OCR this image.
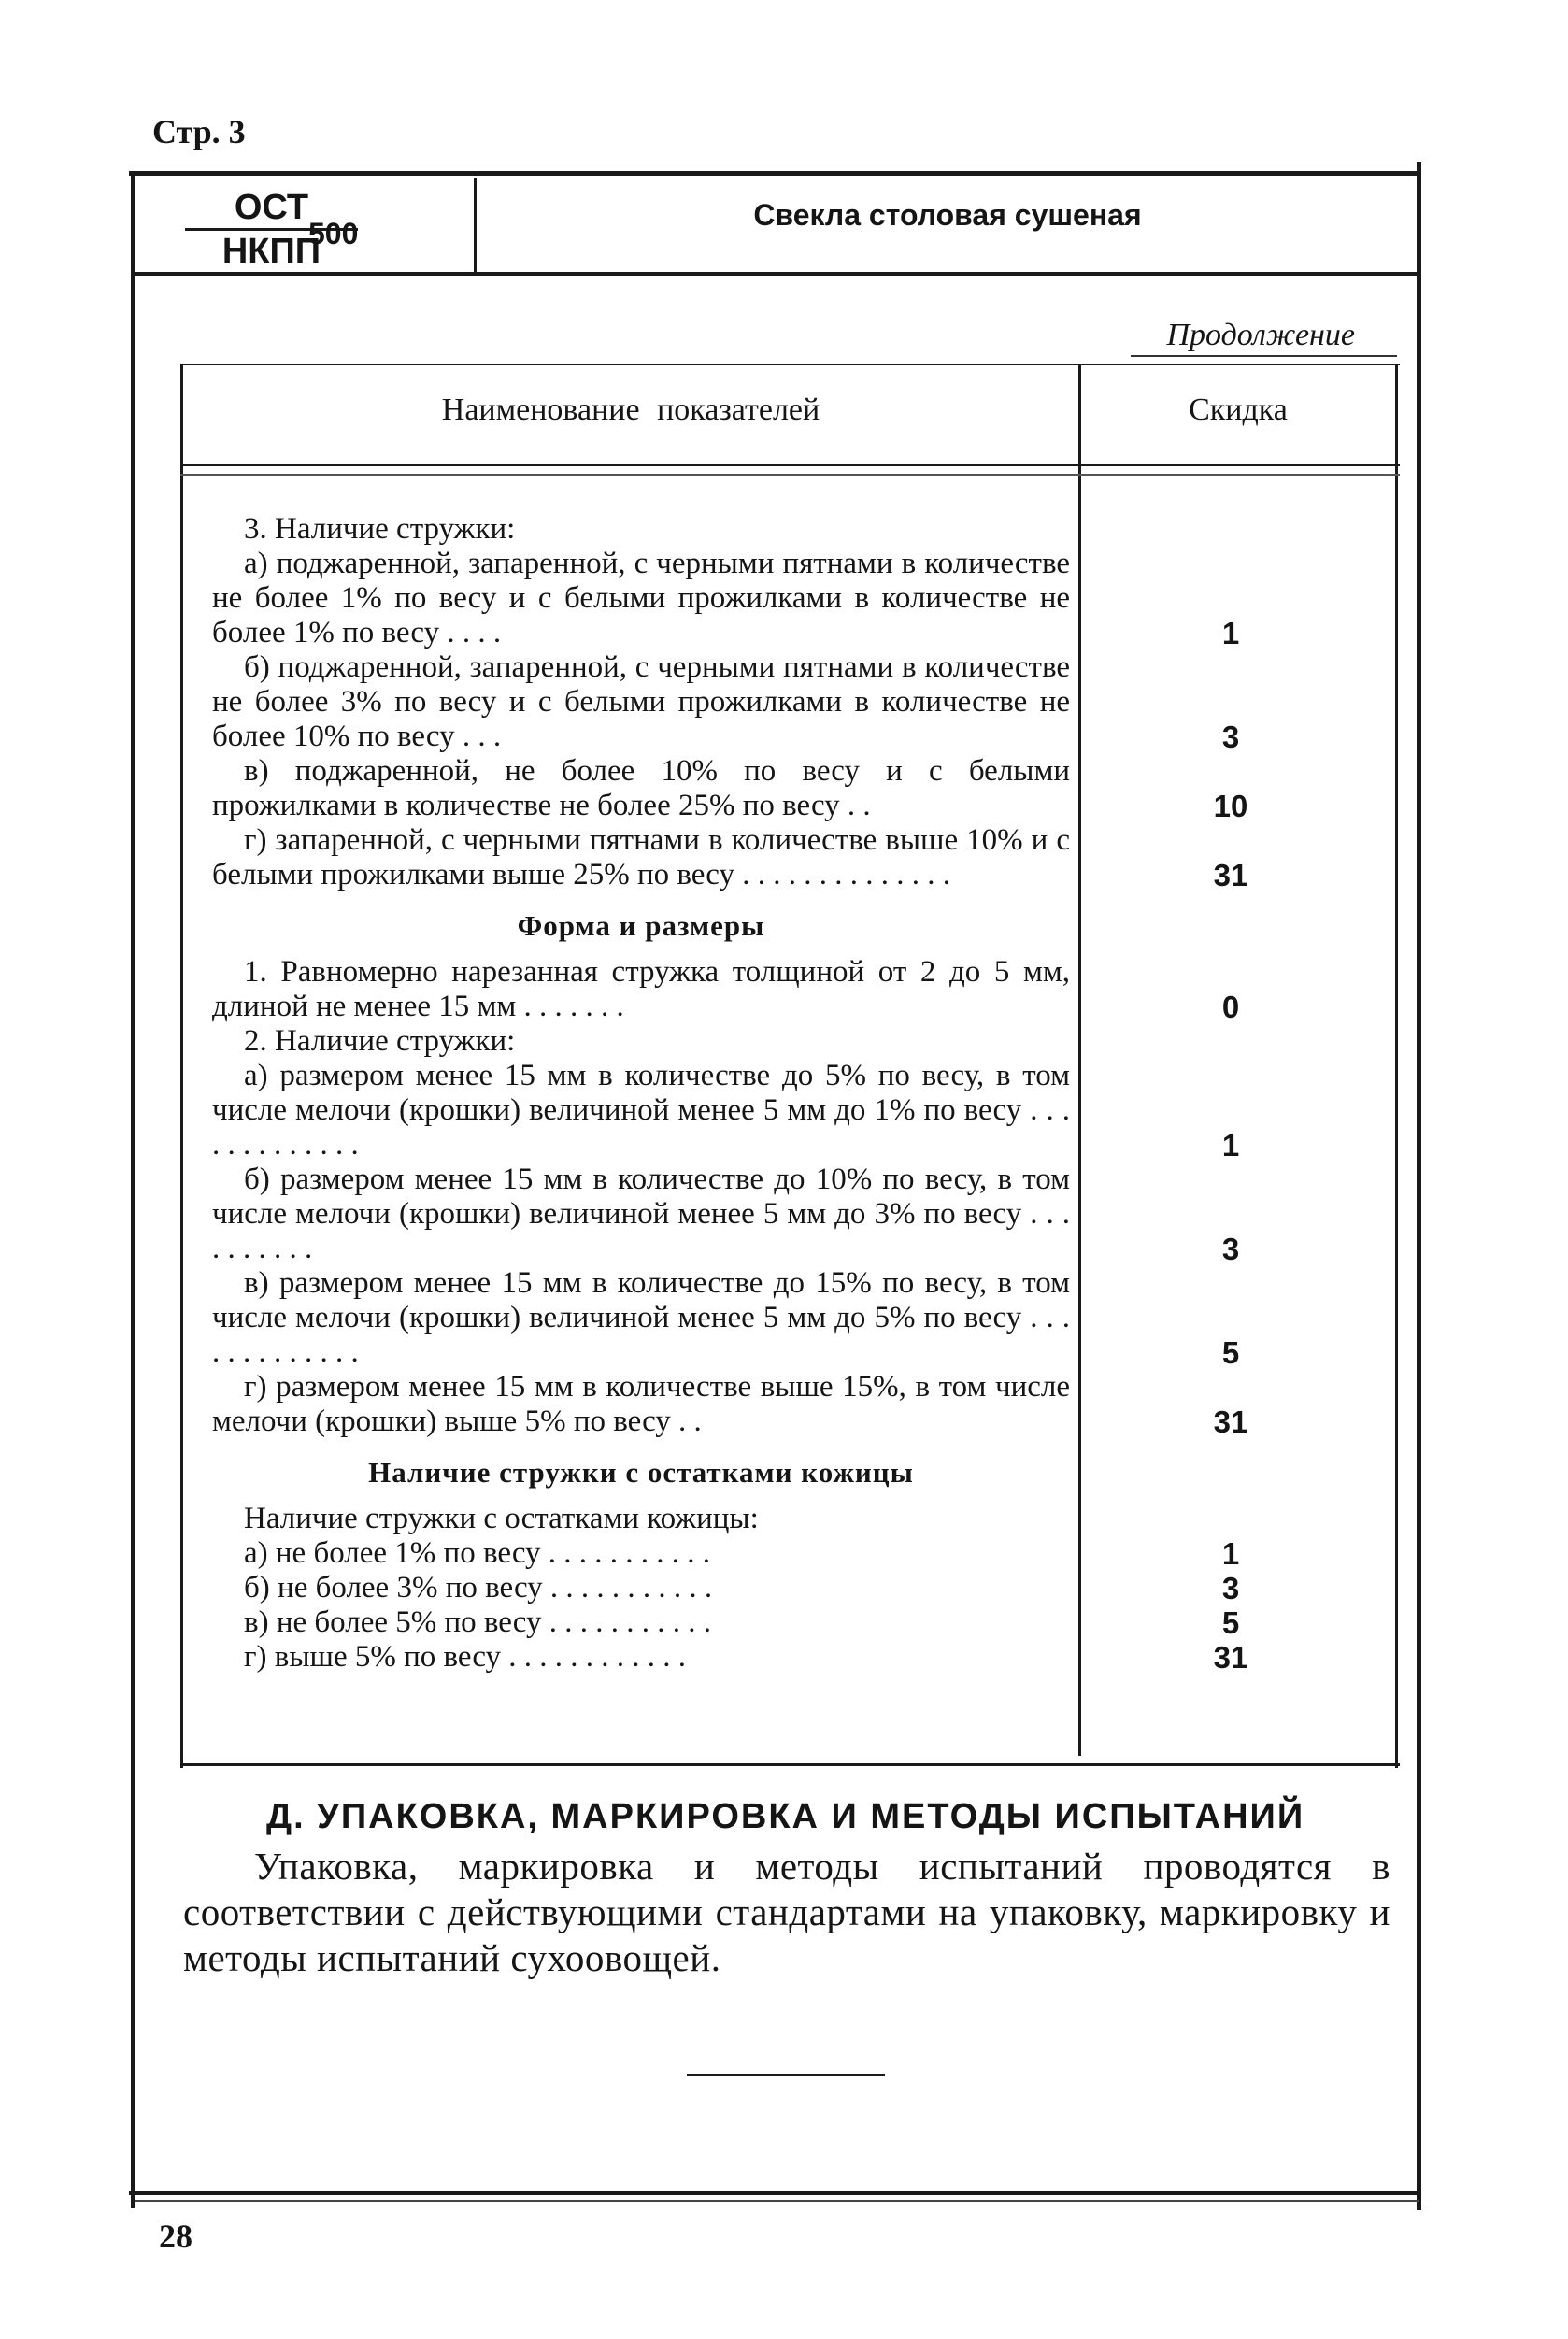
Стр. 3
ОСТ
НКПП
500
Свекла столовая сушеная
Продолжение
Наименование показателей	Скидка
3. Наличие стружки:
а) поджаренной, запаренной, с черными пятнами в количестве не более 1% по весу и с белыми прожилками в количестве не более 1% по весу . . . .	1
б) поджаренной, запаренной, с черными пятнами в количестве не более 3% по весу и с белыми прожилками в количестве не более 10% по весу . . .	3
в) поджаренной, не более 10% по весу и с белыми прожилками в количестве не более 25% по весу . .	10
г) запаренной, с черными пятнами в количестве выше 10% и с белыми прожилками выше 25% по весу . . . . . . . . . . . . . .	31
Форма и размеры
1. Равномерно нарезанная стружка толщиной от 2 до 5 мм, длиной не менее 15 мм . . . . . . .	0
2. Наличие стружки:
а) размером менее 15 мм в количестве до 5% по весу, в том числе мелочи (крошки) величиной менее 5 мм до 1% по весу . . . . . . . . . . . . .	1
б) размером менее 15 мм в количестве до 10% по весу, в том числе мелочи (крошки) величиной менее 5 мм до 3% по весу . . . . . . . . . .	3
в) размером менее 15 мм в количестве до 15% по весу, в том числе мелочи (крошки) величиной менее 5 мм до 5% по весу . . . . . . . . . . . . .	5
г) размером менее 15 мм в количестве выше 15%, в том числе мелочи (крошки) выше 5% по весу . .	31
Наличие стружки с остатками кожицы
Наличие стружки с остатками кожицы:
а) не более 1% по весу . . . . . . . . . . .	1
б) не более 3% по весу . . . . . . . . . . .	3
в) не более 5% по весу . . . . . . . . . . .	5
г) выше 5% по весу . . . . . . . . . . . .	31
Д. УПАКОВКА, МАРКИРОВКА И МЕТОДЫ ИСПЫТАНИЙ
Упаковка, маркировка и методы испытаний проводятся в соответствии с действующими стандартами на упаковку, маркировку и методы испытаний сухоовощей.
28
